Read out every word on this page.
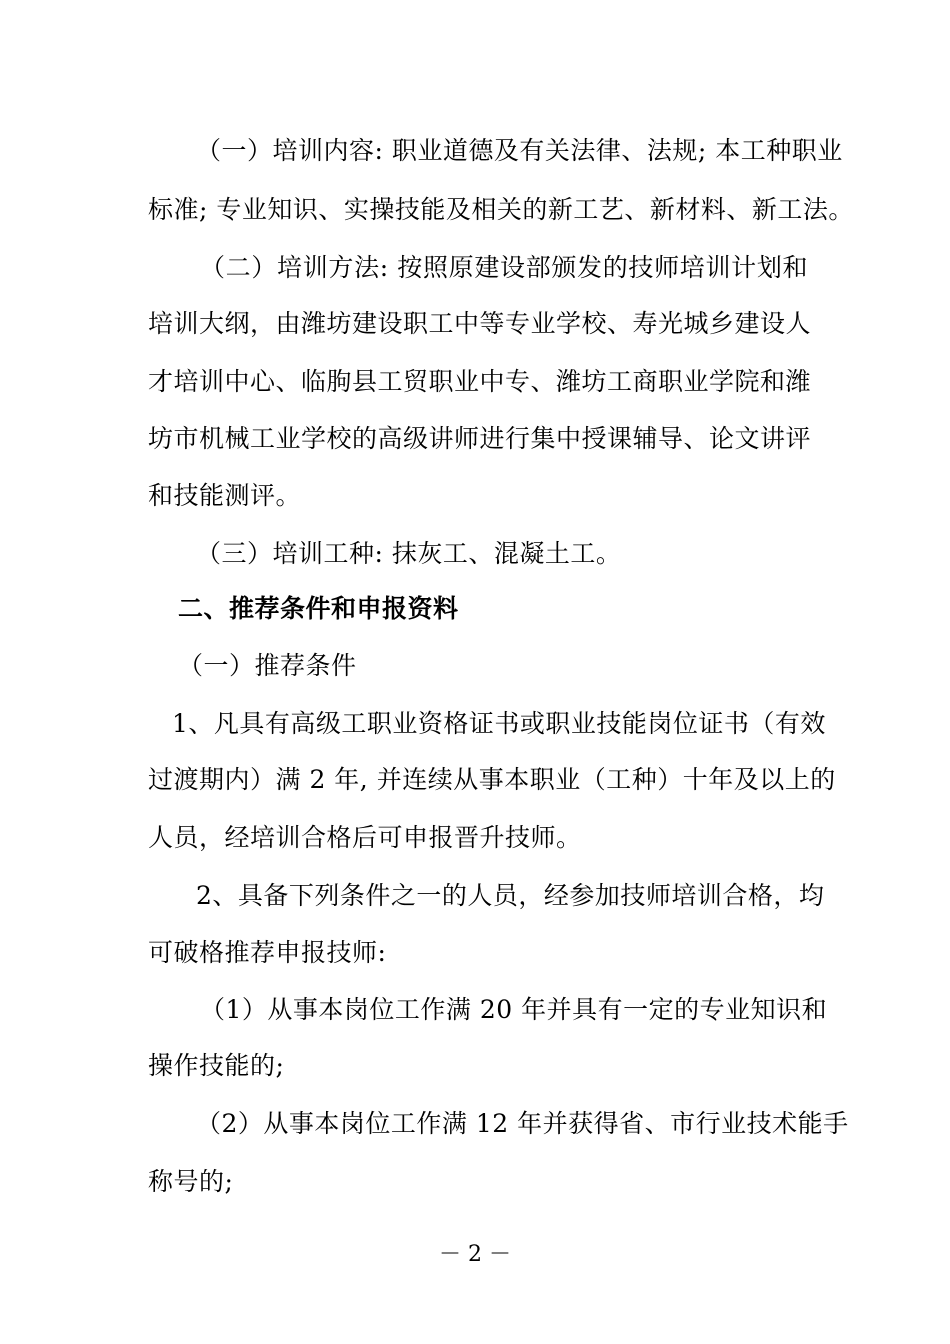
（一）培训内容: 职业道德及有关法律、法规; 本工种职业
标准; 专业知识、实操技能及相关的新工艺、新材料、新工法。
（二）培训方法: 按照原建设部颁发的技师培训计划和
培训大纲，由潍坊建设职工中等专业学校、寿光城乡建设人
才培训中心、临朐县工贸职业中专、潍坊工商职业学院和潍
坊市机械工业学校的高级讲师进行集中授课辅导、论文讲评
和技能测评。
（三）培训工种: 抹灰工、混凝土工。
二、推荐条件和申报资料
（一）推荐条件
1、凡具有高级工职业资格证书或职业技能岗位证书（有效
过渡期内）满 2 年, 并连续从事本职业（工种）十年及以上的
人员，经培训合格后可申报晋升技师。
2、具备下列条件之一的人员，经参加技师培训合格，均
可破格推荐申报技师:
（1）从事本岗位工作满 20 年并具有一定的专业知识和
操作技能的;
（2）从事本岗位工作满 12 年并获得省、市行业技术能手
称号的;
－ 2 －
